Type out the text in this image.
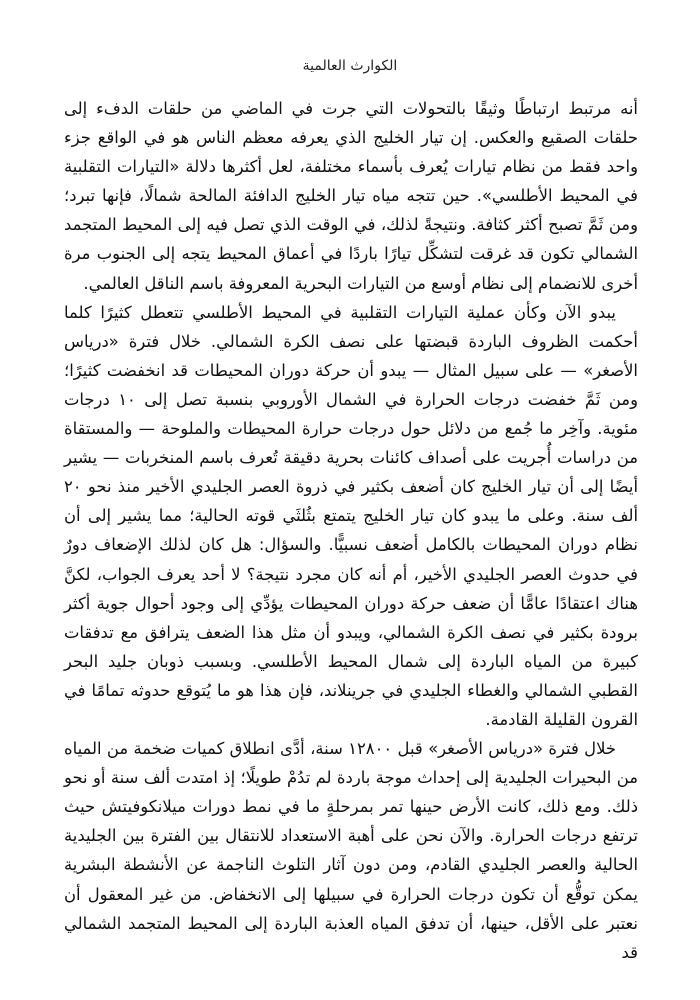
الكوارث العالمية

أنه مرتبط ارتباطًا وثيقًا بالتحولات التي جرت في الماضي من حلقات الدفء إلى حلقات الصقيع والعكس. إن تيار الخليج الذي يعرفه معظم الناس هو في الواقع جزء واحد فقط من نظام تيارات يُعرف بأسماء مختلفة، لعل أكثرها دلالة «التيارات التقلبية في المحيط الأطلسي». حين تتجه مياه تيار الخليج الدافئة المالحة شمالًا، فإنها تبرد؛ ومن ثَمَّ تصبح أكثر كثافة. ونتيجةً لذلك، في الوقت الذي تصل فيه إلى المحيط المتجمد الشمالي تكون قد غرقت لتشكِّل تيارًا باردًا في أعماق المحيط يتجه إلى الجنوب مرة أخرى للانضمام إلى نظام أوسع من التيارات البحرية المعروفة باسم الناقل العالمي.

يبدو الآن وكأن عملية التيارات التقلبية في المحيط الأطلسي تتعطل كثيرًا كلما أحكمت الظروف الباردة قبضتها على نصف الكرة الشمالي. خلال فترة «درياس الأصغر» — على سبيل المثال — يبدو أن حركة دوران المحيطات قد انخفضت كثيرًا؛ ومن ثَمَّ خفضت درجات الحرارة في الشمال الأوروبي بنسبة تصل إلى ١٠ درجات مئوية. وآخِر ما جُمع من دلائل حول درجات حرارة المحيطات والملوحة — والمستقاة من دراسات أُجريت على أصداف كائنات بحرية دقيقة تُعرف باسم المنخربات — يشير أيضًا إلى أن تيار الخليج كان أضعف بكثير في ذروة العصر الجليدي الأخير منذ نحو ٢٠ ألف سنة. وعلى ما يبدو كان تيار الخليج يتمتع بثُلثَي قوته الحالية؛ مما يشير إلى أن نظام دوران المحيطات بالكامل أضعف نسبيًّا. والسؤال: هل كان لذلك الإضعاف دورٌ في حدوث العصر الجليدي الأخير، أم أنه كان مجرد نتيجة؟ لا أحد يعرف الجواب، لكنَّ هناك اعتقادًا عامًّا أن ضعف حركة دوران المحيطات يؤدِّي إلى وجود أحوال جوية أكثر برودة بكثير في نصف الكرة الشمالي، ويبدو أن مثل هذا الضعف يترافق مع تدفقات كبيرة من المياه الباردة إلى شمال المحيط الأطلسي. وبسبب ذوبان جليد البحر القطبي الشمالي والغطاء الجليدي في جرينلاند، فإن هذا هو ما يُتوقع حدوثه تمامًا في القرون القليلة القادمة.

خلال فترة «درياس الأصغر» قبل ١٢٨٠٠ سنة، أدَّى انطلاق كميات ضخمة من المياه من البحيرات الجليدية إلى إحداث موجة باردة لم تدُمْ طويلًا؛ إذ امتدت ألف سنة أو نحو ذلك. ومع ذلك، كانت الأرض حينها تمر بمرحلةٍ ما في نمط دورات ميلانكوفيتش حيث ترتفع درجات الحرارة. والآن نحن على أهبة الاستعداد للانتقال بين الفترة بين الجليدية الحالية والعصر الجليدي القادم، ومن دون آثار التلوث الناجمة عن الأنشطة البشرية يمكن توقُّع أن تكون درجات الحرارة في سبيلها إلى الانخفاض. من غير المعقول أن نعتبر على الأقل، حينها، أن تدفق المياه العذبة الباردة إلى المحيط المتجمد الشمالي قد
